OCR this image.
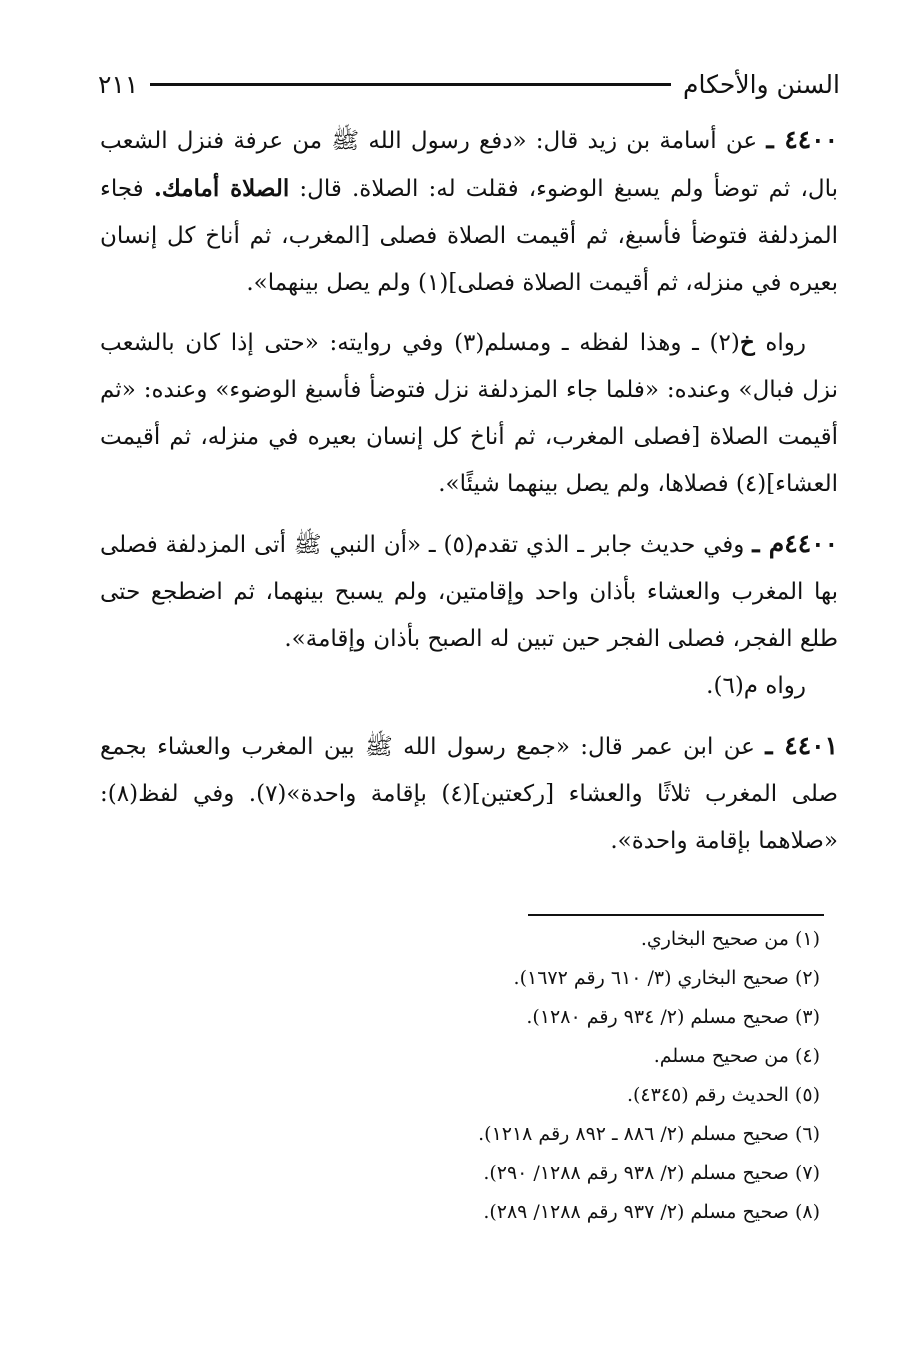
السنن والأحكام
٢١١

٤٤٠٠ ـ عن أسامة بن زيد قال: «دفع رسول الله ﷺ من عرفة فنزل الشعب بال، ثم توضأ ولم يسبغ الوضوء، فقلت له: الصلاة. قال: الصلاة أمامك. فجاء المزدلفة فتوضأ فأسبغ، ثم أقيمت الصلاة فصلى [المغرب، ثم أناخ كل إنسان بعيره في منزله، ثم أقيمت الصلاة فصلى](١) ولم يصل بينهما».

رواه خ(٢) ـ وهذا لفظه ـ ومسلم(٣) وفي روايته: «حتى إذا كان بالشعب نزل فبال» وعنده: «فلما جاء المزدلفة نزل فتوضأ فأسبغ الوضوء» وعنده: «ثم أقيمت الصلاة [فصلى المغرب، ثم أناخ كل إنسان بعيره في منزله، ثم أقيمت العشاء](٤) فصلاها، ولم يصل بينهما شيئًا».

٤٤٠٠م ـ وفي حديث جابر ـ الذي تقدم(٥) ـ «أن النبي ﷺ أتى المزدلفة فصلى بها المغرب والعشاء بأذان واحد وإقامتين، ولم يسبح بينهما، ثم اضطجع حتى طلع الفجر، فصلى الفجر حين تبين له الصبح بأذان وإقامة».

رواه م(٦).

٤٤٠١ ـ عن ابن عمر قال: «جمع رسول الله ﷺ بين المغرب والعشاء بجمع صلى المغرب ثلاثًا والعشاء [ركعتين](٤) بإقامة واحدة»(٧). وفي لفظ(٨): «صلاهما بإقامة واحدة».

(١) من صحيح البخاري.
(٢) صحيح البخاري (٣/ ٦١٠ رقم ١٦٧٢).
(٣) صحيح مسلم (٢/ ٩٣٤ رقم ١٢٨٠).
(٤) من صحيح مسلم.
(٥) الحديث رقم (٤٣٤٥).
(٦) صحيح مسلم (٢/ ٨٨٦ ـ ٨٩٢ رقم ١٢١٨).
(٧) صحيح مسلم (٢/ ٩٣٨ رقم ١٢٨٨/ ٢٩٠).
(٨) صحيح مسلم (٢/ ٩٣٧ رقم ١٢٨٨/ ٢٨٩).
